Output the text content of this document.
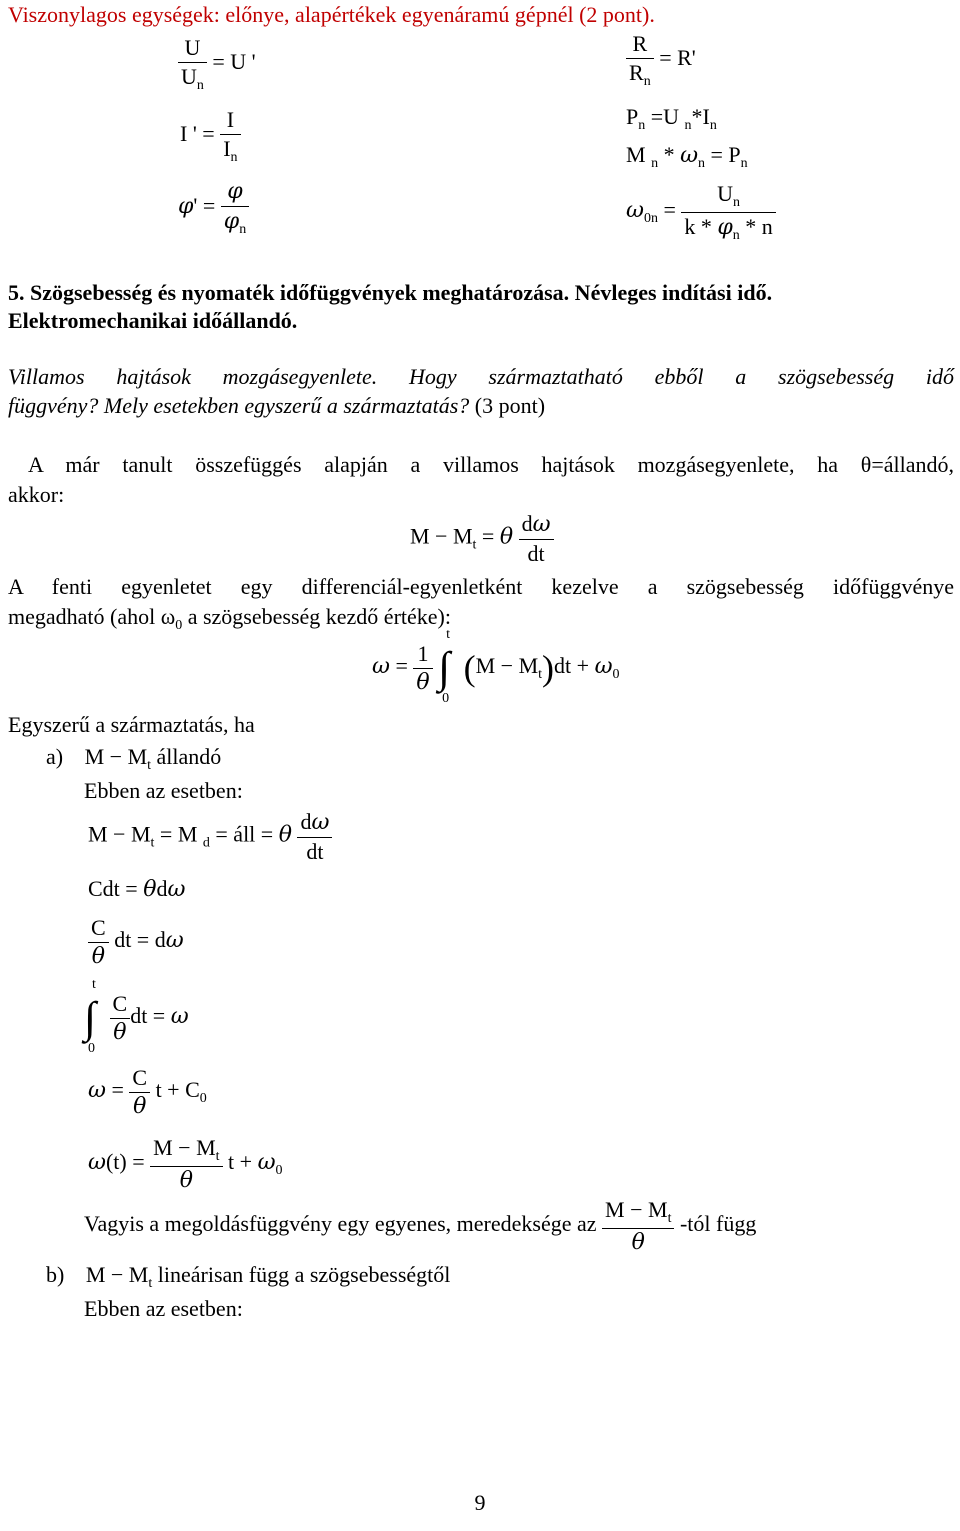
Viszonylagos egységek: előnye, alapértékek egyenáramú gépnél (2 pont).
$\frac{U}{U_n} = U$ '
I ' = $\frac{I}{I_n}$
$\varphi' = \frac{\varphi}{\varphi_n}$
$\frac{R}{R_n} = R'$
$P_n =U$ $_n*I_n$
M $_n * \omega_n = P_n$
$\omega_{0n} = \frac{U_n}{k * \varphi_n * n}$
5. Szögsebesség és nyomaték időfüggvények meghatározása. Névleges indítási idő.
Elektromechanikai időállandó.
Villamos hajtások mozgásegyenlete. Hogy származtatható ebből a szögsebesség idő
függvény? Mely esetekben egyszerű a származtatás? (3 pont)
A már tanult összefüggés alapján a villamos hajtások mozgásegyenlete, ha θ=állandó,
akkor:
$M - M_t = \theta \frac{d\omega}{dt}$
A fenti egyenletet egy differenciál-egyenletként kezelve a szögsebesség időfüggvénye
megadható (ahol $\omega_0$ a szögsebesség kezdő értéke):
$\omega = \frac{1}{\theta}$ ∫
t
0
$(M - M_t)dt + \omega_0$
Egyszerű a származtatás, ha
a) $M - M_t$ állandó
Ebben az esetben:
$M - M_t = M$ $_d$ = áll = θ $\frac{d\omega}{dt}$
Cdt = θdω
$\frac{C}{\theta}$ dt = dω
∫
t
0

$\frac{C}{\theta}$ dt = ω
$\omega = \frac{C}{\theta}$ $t + C_0$
$\omega(t) = \frac{M - M_t}{\theta}$ $t + \omega_0$
Vagyis a megoldásfüggvény egy egyenes, meredeksége az $\frac{M - M_t}{\theta}$ -tól függ
b) $M - M_t$ lineárisan függ a szögsebességtől
Ebben az esetben:
9
